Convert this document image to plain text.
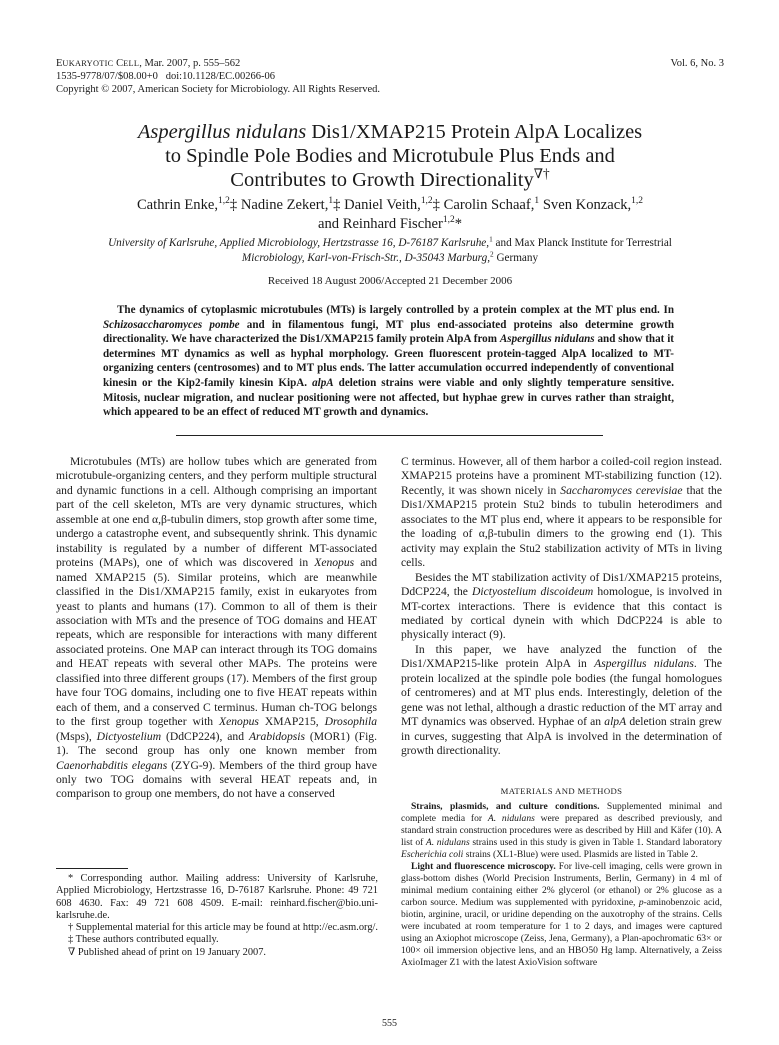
EUKARYOTIC CELL, Mar. 2007, p. 555–562	Vol. 6, No. 3
1535-9778/07/$08.00+0   doi:10.1128/EC.00266-06
Copyright © 2007, American Society for Microbiology. All Rights Reserved.
Aspergillus nidulans Dis1/XMAP215 Protein AlpA Localizes
to Spindle Pole Bodies and Microtubule Plus Ends and
Contributes to Growth Directionality∇†
Cathrin Enke,$^{1,2}$‡ Nadine Zekert,$^1$‡ Daniel Veith,$^{1,2}$‡ Carolin Schaaf,$^1$ Sven Konzack,$^{1,2}$
and Reinhard Fischer$^{1,2}$*
University of Karlsruhe, Applied Microbiology, Hertzstrasse 16, D-76187 Karlsruhe,$^1$ and Max Planck Institute for Terrestrial
Microbiology, Karl-von-Frisch-Str., D-35043 Marburg,$^2$ Germany
Received 18 August 2006/Accepted 21 December 2006
The dynamics of cytoplasmic microtubules (MTs) is largely controlled by a protein complex at the MT plus end. In Schizosaccharomyces pombe and in filamentous fungi, MT plus end-associated proteins also determine growth directionality. We have characterized the Dis1/XMAP215 family protein AlpA from Aspergillus nidulans and show that it determines MT dynamics as well as hyphal morphology. Green fluorescent protein-tagged AlpA localized to MT-organizing centers (centrosomes) and to MT plus ends. The latter accumulation occurred independently of conventional kinesin or the Kip2-family kinesin KipA. alpA deletion strains were viable and only slightly temperature sensitive. Mitosis, nuclear migration, and nuclear positioning were not affected, but hyphae grew in curves rather than straight, which appeared to be an effect of reduced MT growth and dynamics.

Microtubules (MTs) are hollow tubes which are generated from microtubule-organizing centers, and they perform multiple structural and dynamic functions in a cell. Although comprising an important part of the cell skeleton, MTs are very dynamic structures, which assemble at one end α,β-tubulin dimers, stop growth after some time, undergo a catastrophe event, and subsequently shrink. This dynamic instability is regulated by a number of different MT-associated proteins (MAPs), one of which was discovered in Xenopus and named XMAP215 (5). Similar proteins, which are meanwhile classified in the Dis1/XMAP215 family, exist in eukaryotes from yeast to plants and humans (17). Common to all of them is their association with MTs and the presence of TOG domains and HEAT repeats, which are responsible for interactions with many different associated proteins. One MAP can interact through its TOG domains and HEAT repeats with several other MAPs. The proteins were classified into three different groups (17). Members of the first group have four TOG domains, including one to five HEAT repeats within each of them, and a conserved C terminus. Human ch-TOG belongs to the first group together with Xenopus XMAP215, Drosophila (Msps), Dictyostelium (DdCP224), and Arabidopsis (MOR1) (Fig. 1). The second group has only one known member from Caenorhabditis elegans (ZYG-9). Members of the third group have only two TOG domains with several HEAT repeats and, in comparison to group one members, do not have a conserved

C terminus. However, all of them harbor a coiled-coil region instead. XMAP215 proteins have a prominent MT-stabilizing function (12). Recently, it was shown nicely in Saccharomyces cerevisiae that the Dis1/XMAP215 protein Stu2 binds to tubulin heterodimers and associates to the MT plus end, where it appears to be responsible for the loading of α,β-tubulin dimers to the growing end (1). This activity may explain the Stu2 stabilization activity of MTs in living cells.

Besides the MT stabilization activity of Dis1/XMAP215 proteins, DdCP224, the Dictyostelium discoideum homologue, is involved in MT-cortex interactions. There is evidence that this contact is mediated by cortical dynein with which DdCP224 is able to physically interact (9).

In this paper, we have analyzed the function of the Dis1/XMAP215-like protein AlpA in Aspergillus nidulans. The protein localized at the spindle pole bodies (the fungal homologues of centromeres) and at MT plus ends. Interestingly, deletion of the gene was not lethal, although a drastic reduction of the MT array and MT dynamics was observed. Hyphae of an alpA deletion strain grew in curves, suggesting that AlpA is involved in the determination of growth directionality.

MATERIALS AND METHODS

Strains, plasmids, and culture conditions. Supplemented minimal and complete media for A. nidulans were prepared as described previously, and standard strain construction procedures were as described by Hill and Käfer (10). A list of A. nidulans strains used in this study is given in Table 1. Standard laboratory Escherichia coli strains (XL1-Blue) were used. Plasmids are listed in Table 2.

Light and fluorescence microscopy. For live-cell imaging, cells were grown in glass-bottom dishes (World Precision Instruments, Berlin, Germany) in 4 ml of minimal medium containing either 2% glycerol (or ethanol) or 2% glucose as a carbon source. Medium was supplemented with pyridoxine, p-aminobenzoic acid, biotin, arginine, uracil, or uridine depending on the auxotrophy of the strains. Cells were incubated at room temperature for 1 to 2 days, and images were captured using an Axiophot microscope (Zeiss, Jena, Germany), a Plan-apochromatic 63× or 100× oil immersion objective lens, and an HBO50 Hg lamp. Alternatively, a Zeiss AxioImager Z1 with the latest AxioVision software

* Corresponding author. Mailing address: University of Karlsruhe, Applied Microbiology, Hertzstrasse 16, D-76187 Karlsruhe. Phone: 49 721 608 4630. Fax: 49 721 608 4509. E-mail: reinhard.fischer@bio.uni-karlsruhe.de.

† Supplemental material for this article may be found at http://ec.asm.org/.

‡ These authors contributed equally.

∇ Published ahead of print on 19 January 2007.

555
